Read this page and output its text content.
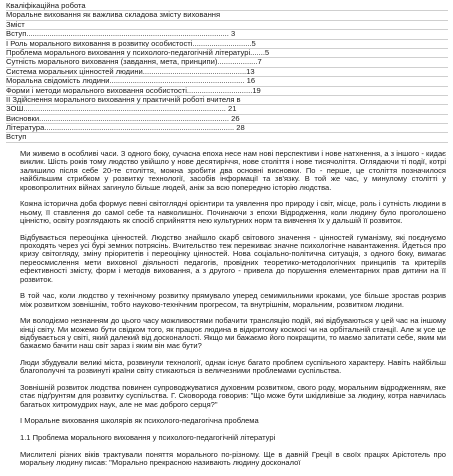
Кваліфікаційна робота
Моральне виховання як важлива складова змісту виховання
Зміст
Вступ................................................................................................ 3
І Роль морального виховання в розвитку особистості............................5
Проблема морального виховання у психолого-педагогічній літературі.......5
Сутність морального виховання (завдання, мета, принципи)...................7
Система моральних цінностей людини.................................................13
Моральна свідомість людини................................................................ 16
Форми і методи морального виховання особистості...............................19
ІІ Здійснення морального виховання у практичній роботі вчителя в
ЗОШ................................................................................................ 21
Висновки.......................................................................................... 26
Література.......................................................................................... 28
Вступ

Ми живемо в особливі часи. З одного боку, сучасна епоха несе нам нові перспективи і нове натхнення, а з іншого - кидає виклик. Шість років тому людство увійшло у нове десятиріччя, нове століття і нове тисячоліття. Оглядаючи ті події, котрі залишило після себе 20-те століття, можна зробити два основні висновки. По - перше, це століття позначилося найбільшим стрибком у розвитку технології, засобів інформації та зв'язку. В той же час, у минулому столітті у кровопролитних війнах загинуло більше людей, аніж за всю попередню історію людства.

Кожна історична доба формує певні світоглядні орієнтири та уявлення про природу і світ, місце, роль і сутність людини в ньому, її ставлення до самої себе та навколишніх. Починаючи з епохи Відродження, коли людину було проголошено цінністю, освіту розглядають як спосіб сприйняття нею культурних норм та вивчення їх у дальшій її розвиток.

Відбувається переоцінка цінностей. Людство знайшло скарб світового значення - цінностей гуманізму, які поєднуємо проходять через усі бурі земних потрясінь. Вчительство теж переживає значне психологічне навантаження. Йдеться про кризу світогляду, зміну пріоритетів і переоцінку цінностей. Нова соціально-політична ситуація, з одного боку, вимагає переосмислення мети виховної діяльності педагогів, провідних теоретико-методологічних принципів та критеріїв ефективності змісту, форм і методів виховання, а з другого - привела до порушення елементарних прав дитини на її розвиток.

В той час, коли людство у технічному розвитку прямувало уперед семимильними кроками, усе більше зростав розрив між розвитком зовнішнім, тобто науково-технічним прогресом, та внутрішнім, моральним, розвитком людини.

Ми володіємо незнанням до цього часу можливостями побачити трансляцію подій, які відбуваються у цей час на іншому кінці світу. Ми можемо бути свідком того, як працює людина в відкритому космосі чи на орбітальній станції. Але ж усе це відбувається у світі, який далекий від досконалості. Якщо ми бажаємо його покращити, то маємо запитати себе, яким ми бажаємо бачити наш світ зараз і яким він має бути?

Люди збудували великі міста, розвинули технології, однак існує багато проблем суспільного характеру. Навіть найбільш благополучні та розвинуті країни світу стикаються із величезними проблемами суспільства.

Зовнішній розвиток людства повинен супроводжуватися духовним розвитком, свого роду, моральним відродженням, яке стає підґрунтям для розвитку суспільства. Г. Сковорода говорив: "Що може бути шкідливіше за людину, котра навчилась багатьох хитромудрих наук, але не має доброго серця?"

І Моральне виховання школярів як психолого-педагогічна проблема

1.1 Проблема морального виховання у психолого-педагогічній літературі

Мислителі різних віків трактували поняття морального по-різному. Ще в давній Греції в своїх працях Арістотель про моральну людину писав: "Морально прекрасною називають людину досконалої
